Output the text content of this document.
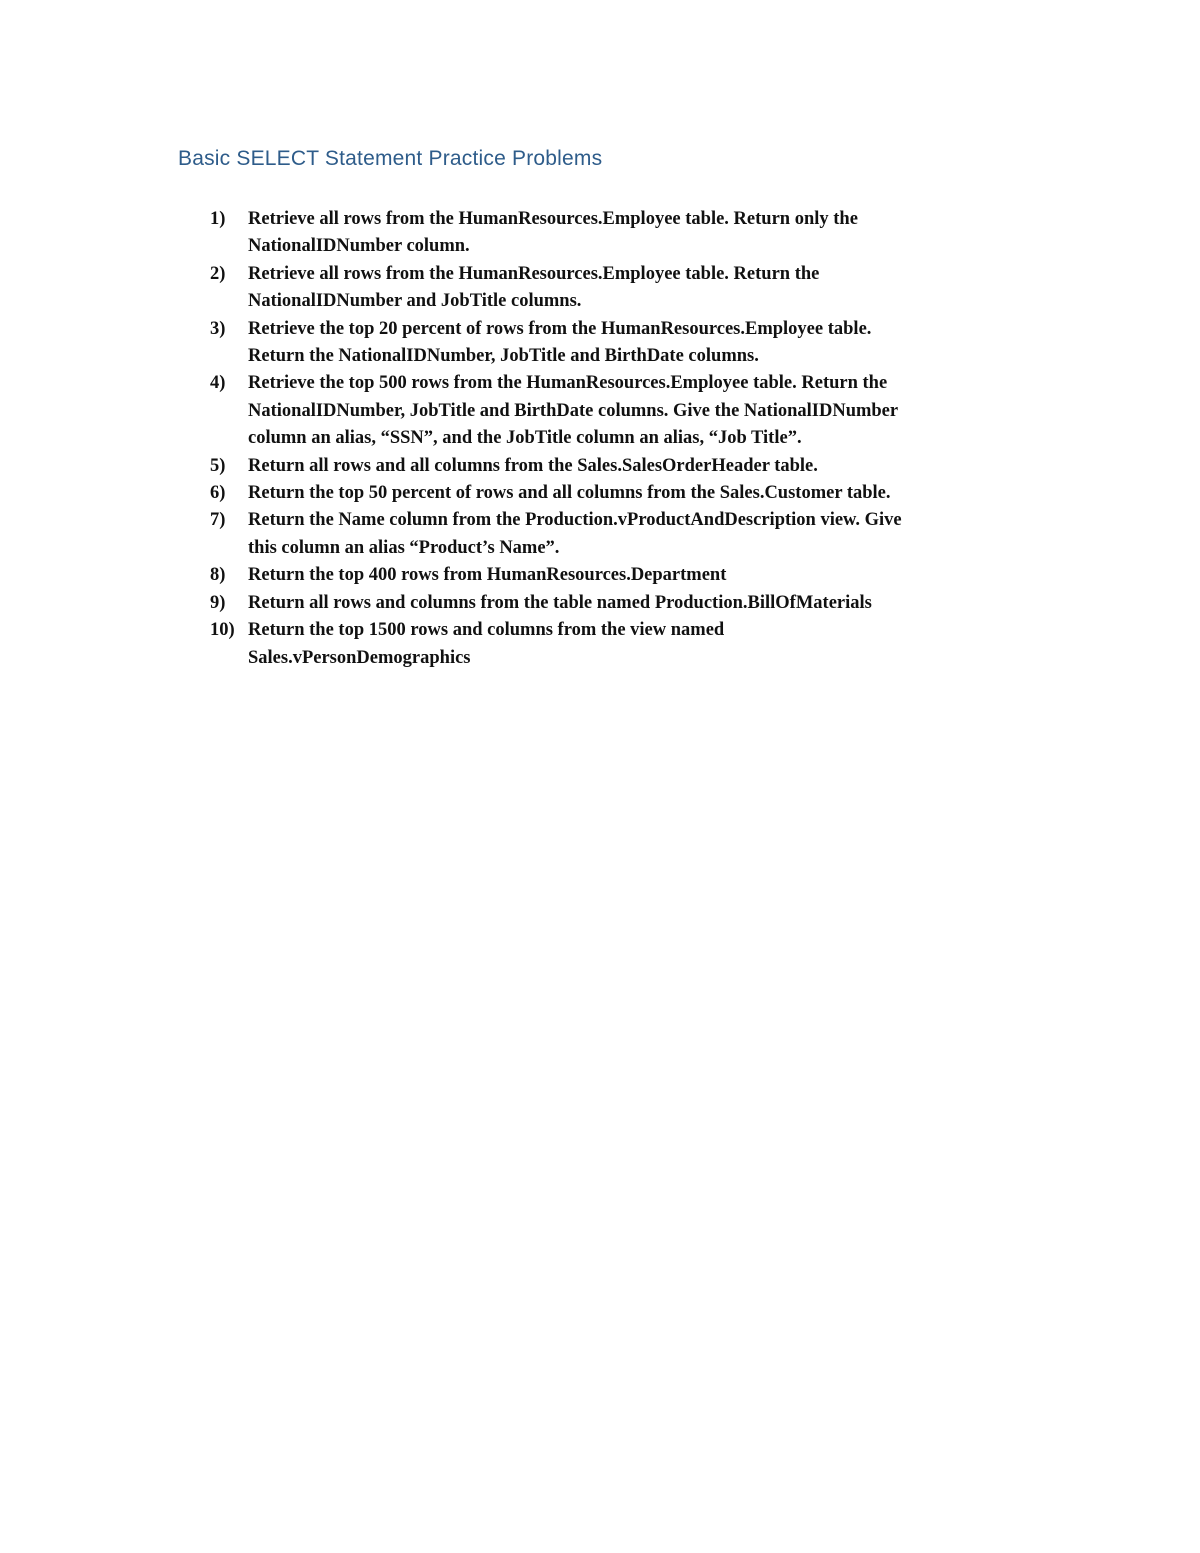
Basic SELECT Statement Practice Problems
1)	Retrieve all rows from the HumanResources.Employee table. Return only the
NationalIDNumber column.
2)	Retrieve all rows from the HumanResources.Employee table. Return the
NationalIDNumber and JobTitle columns.
3)	Retrieve the top 20 percent of rows from the HumanResources.Employee table.
Return the NationalIDNumber, JobTitle and BirthDate columns.
4)	Retrieve the top 500 rows from the HumanResources.Employee table. Return the
NationalIDNumber, JobTitle and BirthDate columns. Give the NationalIDNumber
column an alias, “SSN”, and the JobTitle column an alias, “Job Title”.
5)	Return all rows and all columns from the Sales.SalesOrderHeader table.
6)	Return the top 50 percent of rows and all columns from the Sales.Customer table.
7)	Return the Name column from the Production.vProductAndDescription view. Give
this column an alias “Product’s Name”.
8)	Return the top 400 rows from HumanResources.Department
9)	Return all rows and columns from the table named Production.BillOfMaterials
10) Return the top 1500 rows and columns from the view named
Sales.vPersonDemographics
